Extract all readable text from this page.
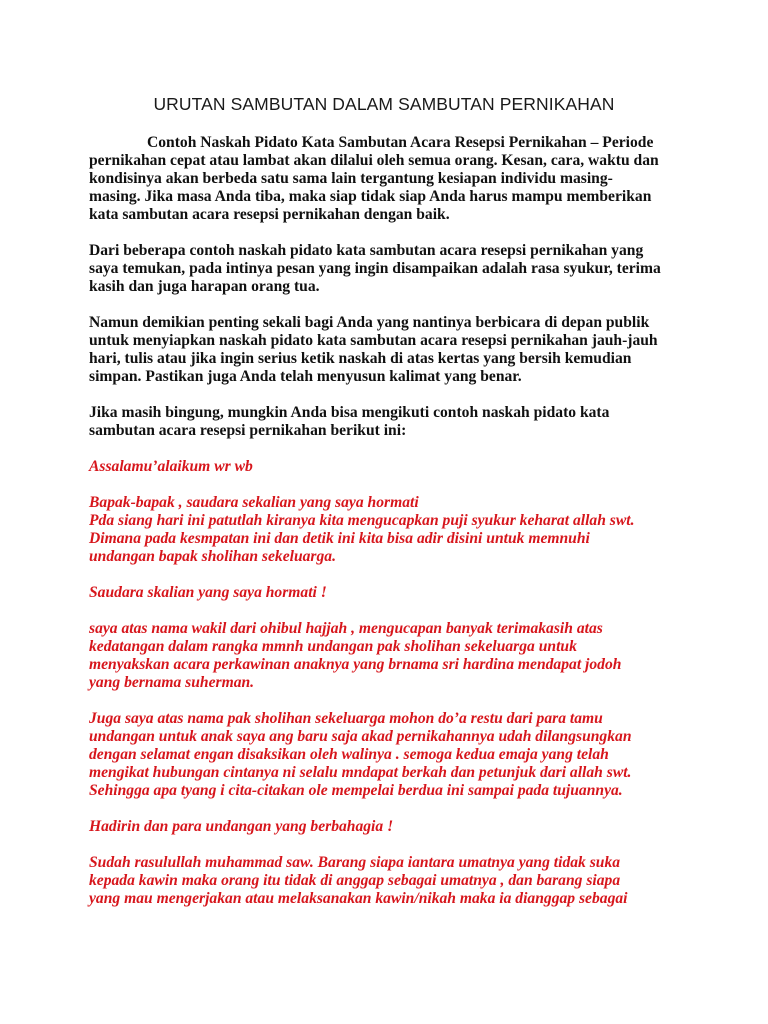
URUTAN SAMBUTAN DALAM SAMBUTAN PERNIKAHAN
Contoh Naskah Pidato Kata Sambutan Acara Resepsi Pernikahan – Periode
pernikahan cepat atau lambat akan dilalui oleh semua orang. Kesan, cara, waktu dan
kondisinya akan berbeda satu sama lain tergantung kesiapan individu masing-
masing. Jika masa Anda tiba, maka siap tidak siap Anda harus mampu memberikan
kata sambutan acara resepsi pernikahan dengan baik.
Dari beberapa contoh naskah pidato kata sambutan acara resepsi pernikahan yang
saya temukan, pada intinya pesan yang ingin disampaikan adalah rasa syukur, terima
kasih dan juga harapan orang tua.
Namun demikian penting sekali bagi Anda yang nantinya berbicara di depan publik
untuk menyiapkan naskah pidato kata sambutan acara resepsi pernikahan jauh-jauh
hari, tulis atau jika ingin serius ketik naskah di atas kertas yang bersih kemudian
simpan. Pastikan juga Anda telah menyusun kalimat yang benar.
Jika masih bingung, mungkin Anda bisa mengikuti contoh naskah pidato kata
sambutan acara resepsi pernikahan berikut ini:
Assalamu’alaikum wr wb
Bapak-bapak , saudara sekalian yang saya hormati
Pda siang hari ini patutlah kiranya kita mengucapkan puji syukur keharat allah swt.
Dimana pada kesmpatan ini dan detik ini kita bisa adir disini untuk memnuhi
undangan bapak sholihan sekeluarga.
Saudara skalian yang saya hormati !
saya atas nama wakil dari ohibul hajjah , mengucapan banyak terimakasih atas
kedatangan dalam rangka mmnh undangan pak sholihan sekeluarga untuk
menyakskan acara perkawinan anaknya yang brnama sri hardina mendapat jodoh
yang bernama suherman.
Juga saya atas nama pak sholihan sekeluarga mohon do’a restu dari para tamu
undangan untuk anak saya ang baru saja akad pernikahannya udah dilangsungkan
dengan selamat engan disaksikan oleh walinya . semoga kedua emaja yang telah
mengikat hubungan cintanya ni selalu mndapat berkah dan petunjuk dari allah swt.
Sehingga apa tyang i cita-citakan ole mempelai berdua ini sampai pada tujuannya.
Hadirin dan para undangan yang berbahagia !
Sudah rasulullah muhammad saw. Barang siapa iantara umatnya yang tidak suka
kepada kawin maka orang itu tidak di anggap sebagai umatnya , dan barang siapa
yang mau mengerjakan atau melaksanakan kawin/nikah maka ia dianggap sebagai
